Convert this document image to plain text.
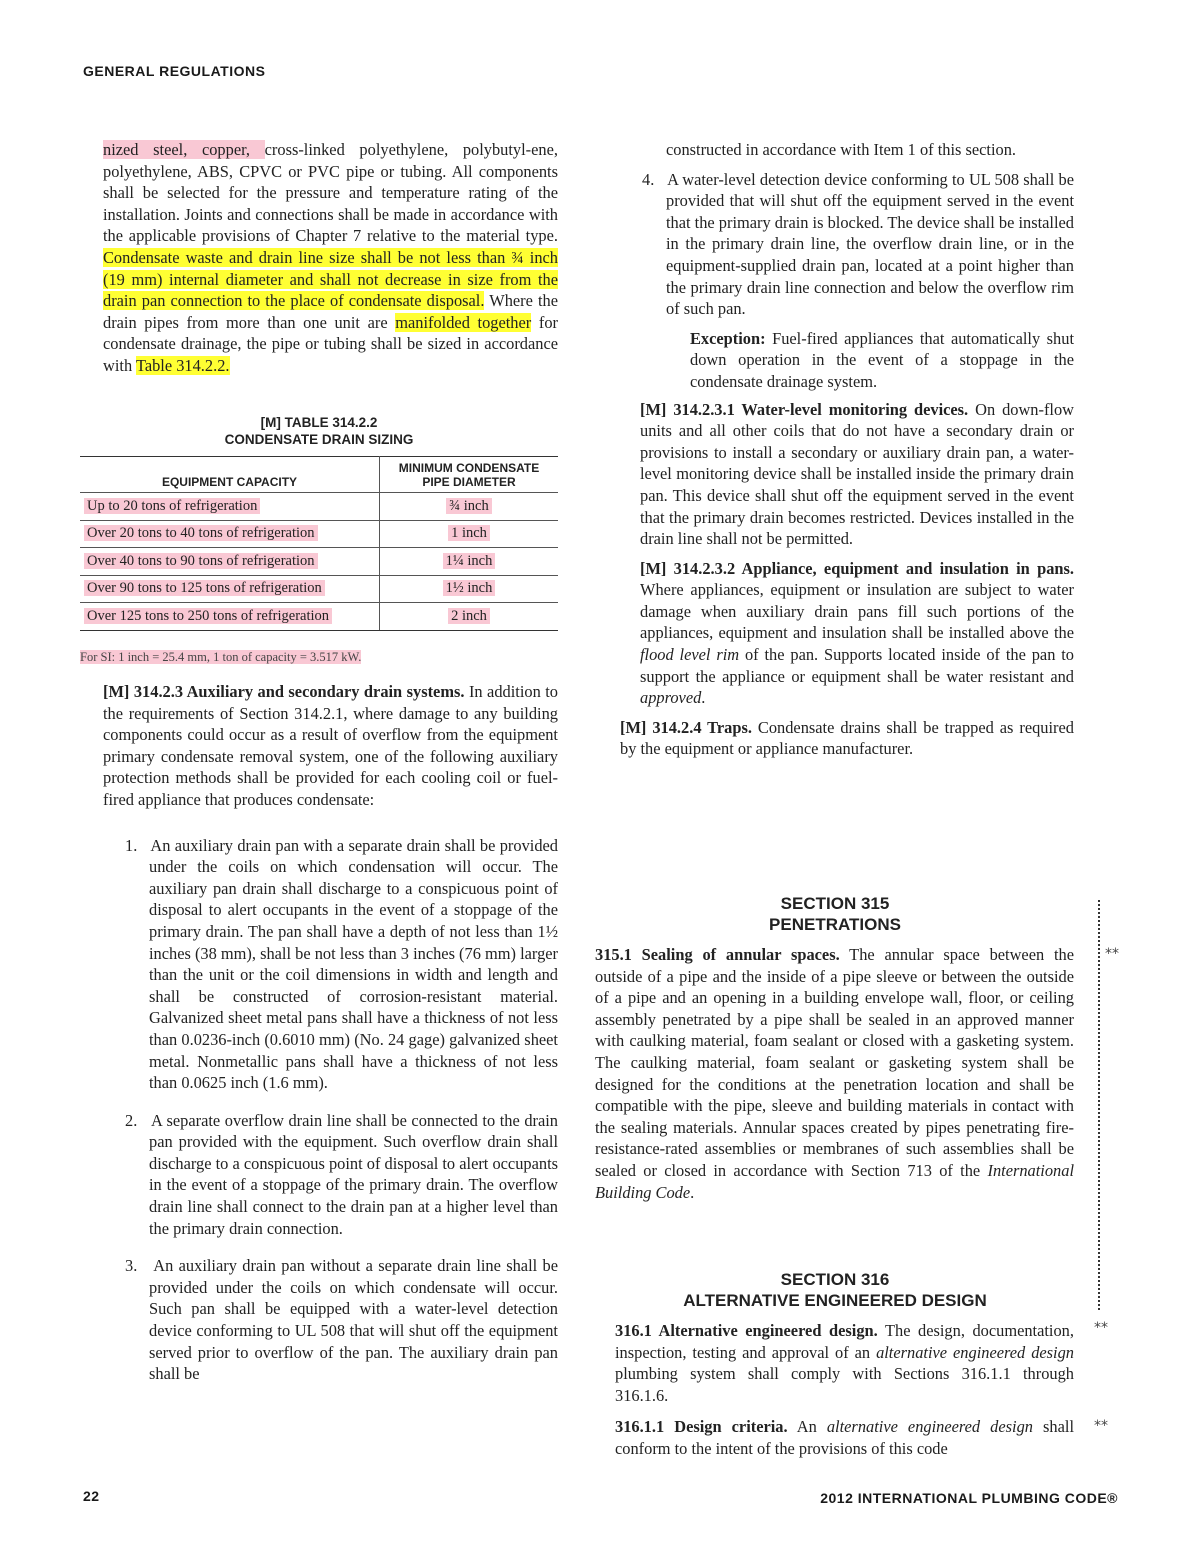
GENERAL REGULATIONS

nized steel, copper, cross-linked polyethylene, polybutyl-ene, polyethylene, ABS, CPVC or PVC pipe or tubing. All components shall be selected for the pressure and temperature rating of the installation. Joints and connections shall be made in accordance with the applicable provisions of Chapter 7 relative to the material type. Condensate waste and drain line size shall be not less than ¾ inch (19 mm) internal diameter and shall not decrease in size from the drain pan connection to the place of condensate disposal. Where the drain pipes from more than one unit are manifolded together for condensate drainage, the pipe or tubing shall be sized in accordance with Table 314.2.2.

[M] TABLE 314.2.2
CONDENSATE DRAIN SIZING
EQUIPMENT CAPACITY	MINIMUM CONDENSATE
PIPE DIAMETER

Up to 20 tons of refrigeration	¾ inch
Over 20 tons to 40 tons of refrigeration	1 inch
Over 40 tons to 90 tons of refrigeration	1¼ inch
Over 90 tons to 125 tons of refrigeration	1½ inch
Over 125 tons to 250 tons of refrigeration	2 inch
For SI: 1 inch = 25.4 mm, 1 ton of capacity = 3.517 kW.

[M] 314.2.3 Auxiliary and secondary drain systems. In addition to the requirements of Section 314.2.1, where damage to any building components could occur as a result of overflow from the equipment primary condensate removal system, one of the following auxiliary protection methods shall be provided for each cooling coil or fuel-fired appliance that produces condensate:

1. An auxiliary drain pan with a separate drain shall be provided under the coils on which condensation will occur. The auxiliary pan drain shall discharge to a conspicuous point of disposal to alert occupants in the event of a stoppage of the primary drain. The pan shall have a depth of not less than 1½ inches (38 mm), shall be not less than 3 inches (76 mm) larger than the unit or the coil dimensions in width and length and shall be constructed of corrosion-resistant material. Galvanized sheet metal pans shall have a thickness of not less than 0.0236-inch (0.6010 mm) (No. 24 gage) galvanized sheet metal. Nonmetallic pans shall have a thickness of not less than 0.0625 inch (1.6 mm).

2. A separate overflow drain line shall be connected to the drain pan provided with the equipment. Such overflow drain shall discharge to a conspicuous point of disposal to alert occupants in the event of a stoppage of the primary drain. The overflow drain line shall connect to the drain pan at a higher level than the primary drain connection.

3. An auxiliary drain pan without a separate drain line shall be provided under the coils on which condensate will occur. Such pan shall be equipped with a water-level detection device conforming to UL 508 that will shut off the equipment served prior to overflow of the pan. The auxiliary drain pan shall be

constructed in accordance with Item 1 of this section.

4. A water-level detection device conforming to UL 508 shall be provided that will shut off the equipment served in the event that the primary drain is blocked. The device shall be installed in the primary drain line, the overflow drain line, or in the equipment-supplied drain pan, located at a point higher than the primary drain line connection and below the overflow rim of such pan.

Exception: Fuel-fired appliances that automatically shut down operation in the event of a stoppage in the condensate drainage system.

[M] 314.2.3.1 Water-level monitoring devices. On down-flow units and all other coils that do not have a secondary drain or provisions to install a secondary or auxiliary drain pan, a water-level monitoring device shall be installed inside the primary drain pan. This device shall shut off the equipment served in the event that the primary drain becomes restricted. Devices installed in the drain line shall not be permitted.

[M] 314.2.3.2 Appliance, equipment and insulation in pans. Where appliances, equipment or insulation are subject to water damage when auxiliary drain pans fill such portions of the appliances, equipment and insulation shall be installed above the flood level rim of the pan. Supports located inside of the pan to support the appliance or equipment shall be water resistant and approved.

[M] 314.2.4 Traps. Condensate drains shall be trapped as required by the equipment or appliance manufacturer.

SECTION 315

PENETRATIONS

315.1 Sealing of annular spaces. The annular space between the outside of a pipe and the inside of a pipe sleeve or between the outside of a pipe and an opening in a building envelope wall, floor, or ceiling assembly penetrated by a pipe shall be sealed in an approved manner with caulking material, foam sealant or closed with a gasketing system. The caulking material, foam sealant or gasketing system shall be designed for the conditions at the penetration location and shall be compatible with the pipe, sleeve and building materials in contact with the sealing materials. Annular spaces created by pipes penetrating fire-resistance-rated assemblies or membranes of such assemblies shall be sealed or closed in accordance with Section 713 of the International Building Code.

SECTION 316

ALTERNATIVE ENGINEERED DESIGN

316.1 Alternative engineered design. The design, documentation, inspection, testing and approval of an alternative engineered design plumbing system shall comply with Sections 316.1.1 through 316.1.6.

316.1.1 Design criteria. An alternative engineered design shall conform to the intent of the provisions of this code

**
**
**
22	2012 INTERNATIONAL PLUMBING CODE®
